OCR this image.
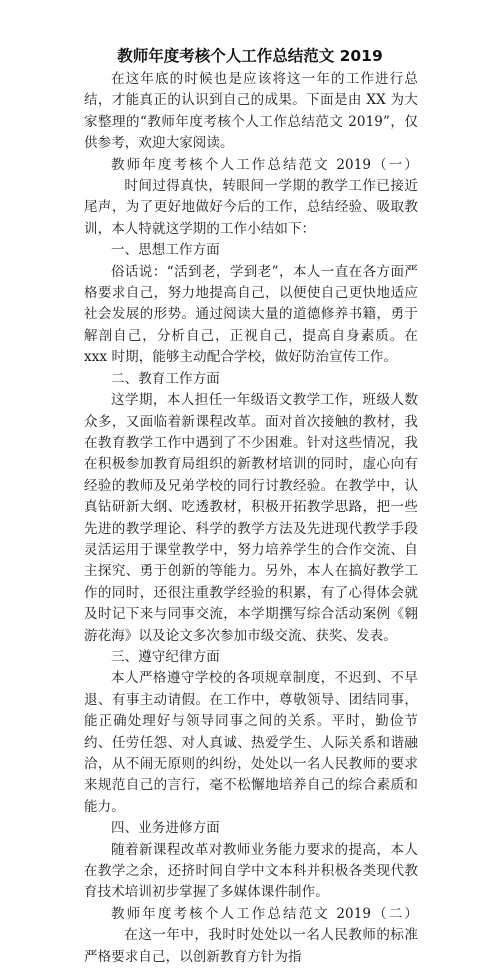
教师年度考核个人工作总结范文 2019

在这年底的时候也是应该将这一年的工作进行总结，才能真正的认识到自己的成果。下面是由 XX 为大家整理的“教师年度考核个人工作总结范文 2019”，仅供参考，欢迎大家阅读。

教师年度考核个人工作总结范文 2019（一）时间过得真快，转眼间一学期的教学工作已接近尾声，为了更好地做好今后的工作，总结经验、吸取教训，本人特就这学期的工作小结如下：

一、思想工作方面

俗话说：“活到老，学到老”，本人一直在各方面严格要求自己，努力地提高自己，以便使自己更快地适应社会发展的形势。通过阅读大量的道德修养书籍，勇于解剖自己，分析自己，正视自己，提高自身素质。在 xxx 时期，能够主动配合学校，做好防治宣传工作。

二、教育工作方面

这学期，本人担任一年级语文教学工作，班级人数众多，又面临着新课程改革。面对首次接触的教材，我在教育教学工作中遇到了不少困难。针对这些情况，我在积极参加教育局组织的新教材培训的同时，虚心向有经验的教师及兄弟学校的同行讨教经验。在教学中，认真钻研新大纲、吃透教材，积极开拓教学思路，把一些先进的教学理论、科学的教学方法及先进现代教学手段灵活运用于课堂教学中，努力培养学生的合作交流、自主探究、勇于创新的等能力。另外，本人在搞好教学工作的同时，还很注重教学经验的积累，有了心得体会就及时记下来与同事交流，本学期撰写综合活动案例《翱游花海》以及论文多次参加市级交流、获奖、发表。

三、遵守纪律方面

本人严格遵守学校的各项规章制度，不迟到、不早退、有事主动请假。在工作中，尊敬领导、团结同事，能正确处理好与领导同事之间的关系。平时，勤俭节约、任劳任怨、对人真诚、热爱学生、人际关系和谐融洽，从不闹无原则的纠纷，处处以一名人民教师的要求来规范自己的言行，毫不松懈地培养自己的综合素质和能力。

四、业务进修方面

随着新课程改革对教师业务能力要求的提高，本人在教学之余，还挤时间自学中文本科并积极各类现代教育技术培训初步掌握了多媒体课件制作。

教师年度考核个人工作总结范文 2019（二）在这一年中，我时时处处以一名人民教师的标准严格要求自己，以创新教育方针为指
